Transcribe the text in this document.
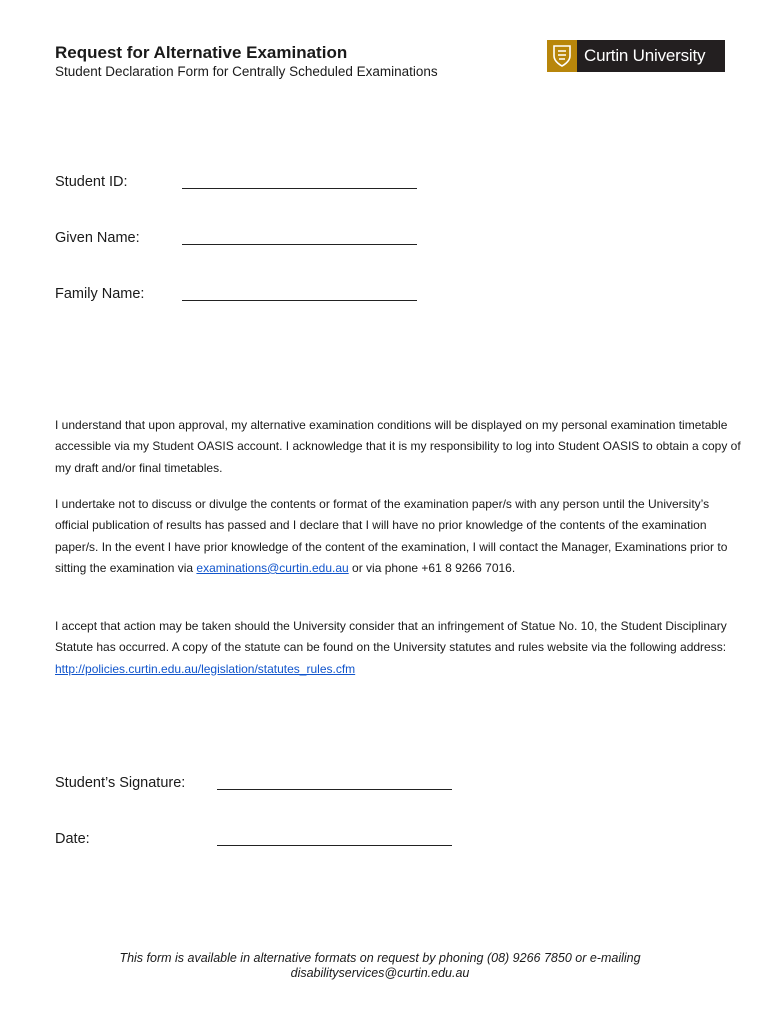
Request for Alternative Examination
Student Declaration Form for Centrally Scheduled Examinations
Curtin University
Student ID:
Given Name:
Family Name:
I understand that upon approval, my alternative examination conditions will be displayed on my personal examination timetable accessible via my Student OASIS account. I acknowledge that it is my responsibility to log into Student OASIS to obtain a copy of my draft and/or final timetables.
I undertake not to discuss or divulge the contents or format of the examination paper/s with any person until the University’s official publication of results has passed and I declare that I will have no prior knowledge of the contents of the examination paper/s. In the event I have prior knowledge of the content of the examination, I will contact the Manager, Examinations prior to sitting the examination via examinations@curtin.edu.au or via phone +61 8 9266 7016.
I accept that action may be taken should the University consider that an infringement of Statue No. 10, the Student Disciplinary Statute has occurred. A copy of the statute can be found on the University statutes and rules website via the following address: http://policies.curtin.edu.au/legislation/statutes_rules.cfm
Student’s Signature:
Date:
This form is available in alternative formats on request by phoning (08) 9266 7850 or e-mailing
disabilityservices@curtin.edu.au
